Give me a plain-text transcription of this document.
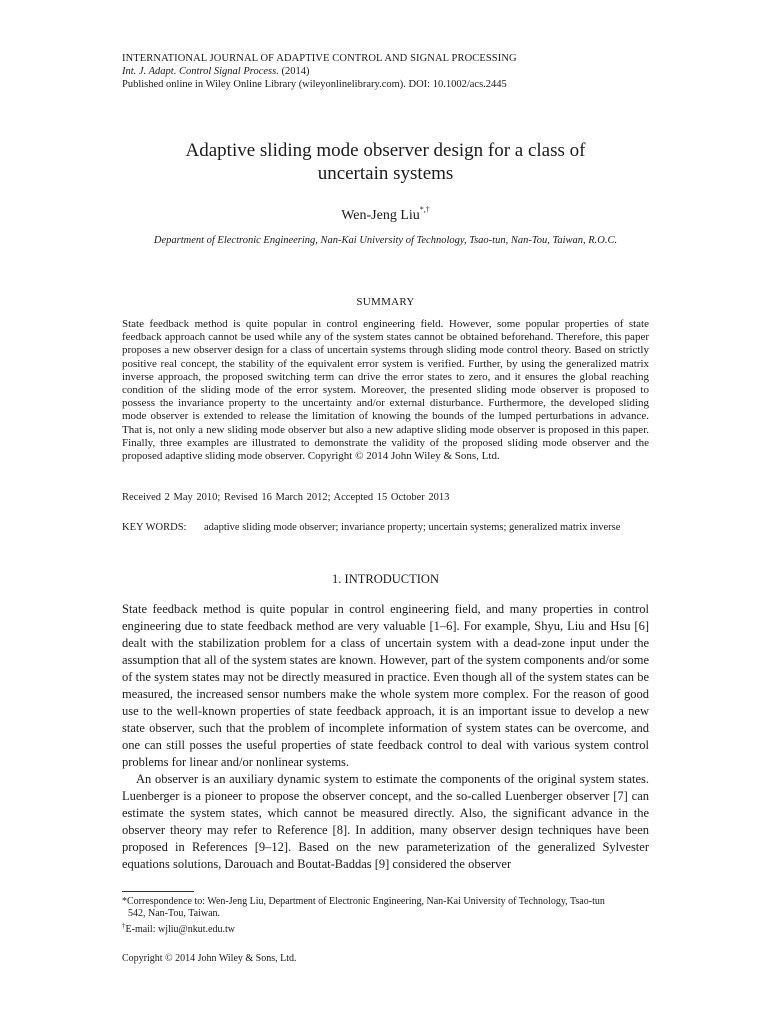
INTERNATIONAL JOURNAL OF ADAPTIVE CONTROL AND SIGNAL PROCESSING
Int. J. Adapt. Control Signal Process. (2014)
Published online in Wiley Online Library (wileyonlinelibrary.com). DOI: 10.1002/acs.2445
Adaptive sliding mode observer design for a class of
uncertain systems
Wen-Jeng Liu*,†
Department of Electronic Engineering, Nan-Kai University of Technology, Tsao-tun, Nan-Tou, Taiwan, R.O.C.
SUMMARY
State feedback method is quite popular in control engineering field. However, some popular properties of state feedback approach cannot be used while any of the system states cannot be obtained beforehand. Therefore, this paper proposes a new observer design for a class of uncertain systems through sliding mode control theory. Based on strictly positive real concept, the stability of the equivalent error system is verified. Further, by using the generalized matrix inverse approach, the proposed switching term can drive the error states to zero, and it ensures the global reaching condition of the sliding mode of the error system. Moreover, the presented sliding mode observer is proposed to possess the invariance property to the uncertainty and/or external disturbance. Furthermore, the developed sliding mode observer is extended to release the limitation of knowing the bounds of the lumped perturbations in advance. That is, not only a new sliding mode observer but also a new adaptive sliding mode observer is proposed in this paper. Finally, three examples are illustrated to demonstrate the validity of the proposed sliding mode observer and the proposed adaptive sliding mode observer. Copyright © 2014 John Wiley & Sons, Ltd.
Received 2 May 2010; Revised 16 March 2012; Accepted 15 October 2013
KEY WORDS: adaptive sliding mode observer; invariance property; uncertain systems; generalized matrix inverse
1. INTRODUCTION

State feedback method is quite popular in control engineering field, and many properties in control engineering due to state feedback method are very valuable [1–6]. For example, Shyu, Liu and Hsu [6] dealt with the stabilization problem for a class of uncertain system with a dead-zone input under the assumption that all of the system states are known. However, part of the system components and/or some of the system states may not be directly measured in practice. Even though all of the system states can be measured, the increased sensor numbers make the whole system more complex. For the reason of good use to the well-known properties of state feedback approach, it is an important issue to develop a new state observer, such that the problem of incomplete information of system states can be overcome, and one can still posses the useful properties of state feedback control to deal with various system control problems for linear and/or nonlinear systems.

An observer is an auxiliary dynamic system to estimate the components of the original system states. Luenberger is a pioneer to propose the observer concept, and the so-called Luenberger observer [7] can estimate the system states, which cannot be measured directly. Also, the significant advance in the observer theory may refer to Reference [8]. In addition, many observer design techniques have been proposed in References [9–12]. Based on the new parameterization of the generalized Sylvester equations solutions, Darouach and Boutat-Baddas [9] considered the observer

*Correspondence to: Wen-Jeng Liu, Department of Electronic Engineering, Nan-Kai University of Technology, Tsao-tun
542, Nan-Tou, Taiwan.
†E-mail: wjliu@nkut.edu.tw
Copyright © 2014 John Wiley & Sons, Ltd.
